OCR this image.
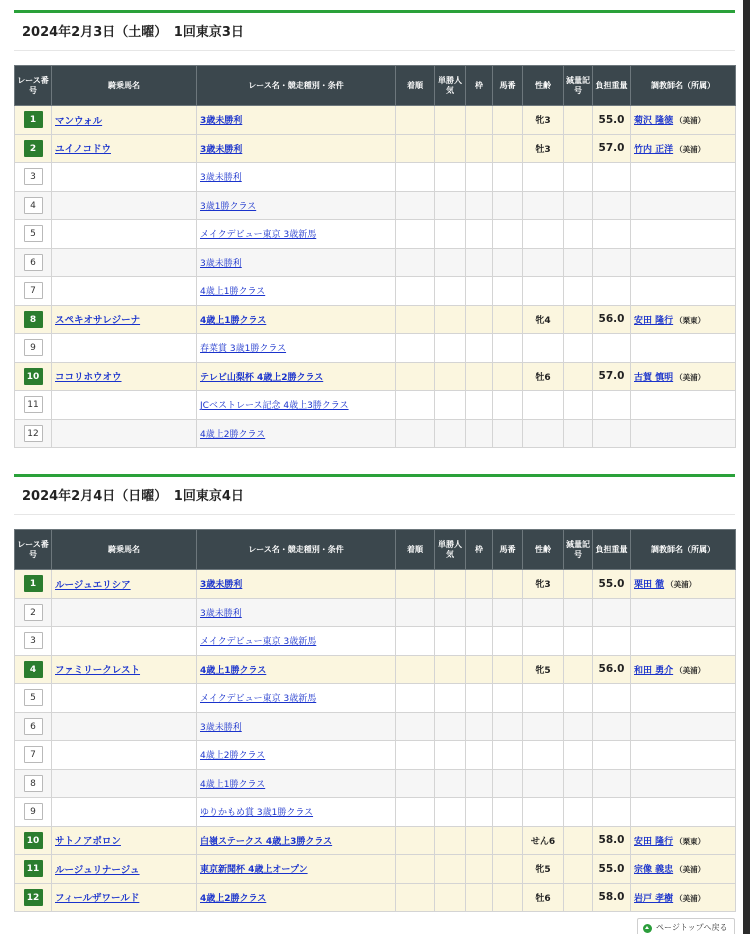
2024年2月3日（土曜）　1回東京3日
レース番号	騎乗馬名	レース名・競走種別・条件	着順	単勝人気	枠	馬番	性齢	減量記号	負担重量	調教師名（所属）
1	マンウォル	3歳未勝利					牝3		55.0	菊沢 隆徳 （美浦）
2	ユイノコドウ	3歳未勝利					牡3		57.0	竹内 正洋 （美浦）
3		3歳未勝利								
4		3歳1勝クラス								
5		メイクデビュー東京 3歳新馬								
6		3歳未勝利								
7		4歳上1勝クラス								
8	スペキオサレジーナ	4歳上1勝クラス					牝4		56.0	安田 隆行 （栗東）
9		春菜賞 3歳1勝クラス								
10	ココリホウオウ	テレビ山梨杯 4歳上2勝クラス					牡6		57.0	古賀 慎明 （美浦）
11		JCベストレース記念 4歳上3勝クラス								
12		4歳上2勝クラス								
2024年2月4日（日曜）　1回東京4日
レース番号	騎乗馬名	レース名・競走種別・条件	着順	単勝人気	枠	馬番	性齢	減量記号	負担重量	調教師名（所属）
1	ルージュエリシア	3歳未勝利					牝3		55.0	栗田 徹 （美浦）
2		3歳未勝利								
3		メイクデビュー東京 3歳新馬								
4	ファミリークレスト	4歳上1勝クラス					牝5		56.0	和田 勇介 （美浦）
5		メイクデビュー東京 3歳新馬								
6		3歳未勝利								
7		4歳上2勝クラス								
8		4歳上1勝クラス								
9		ゆりかもめ賞 3歳1勝クラス								
10	サトノアポロン	白嶺ステークス 4歳上3勝クラス					せん6		58.0	安田 隆行 （栗東）
11	ルージュリナージュ	東京新聞杯 4歳上オープン					牝5		55.0	宗像 義忠 （美浦）
12	フィールザワールド	4歳上2勝クラス					牡6		58.0	岩戸 孝樹 （美浦）
ページトップへ戻る
